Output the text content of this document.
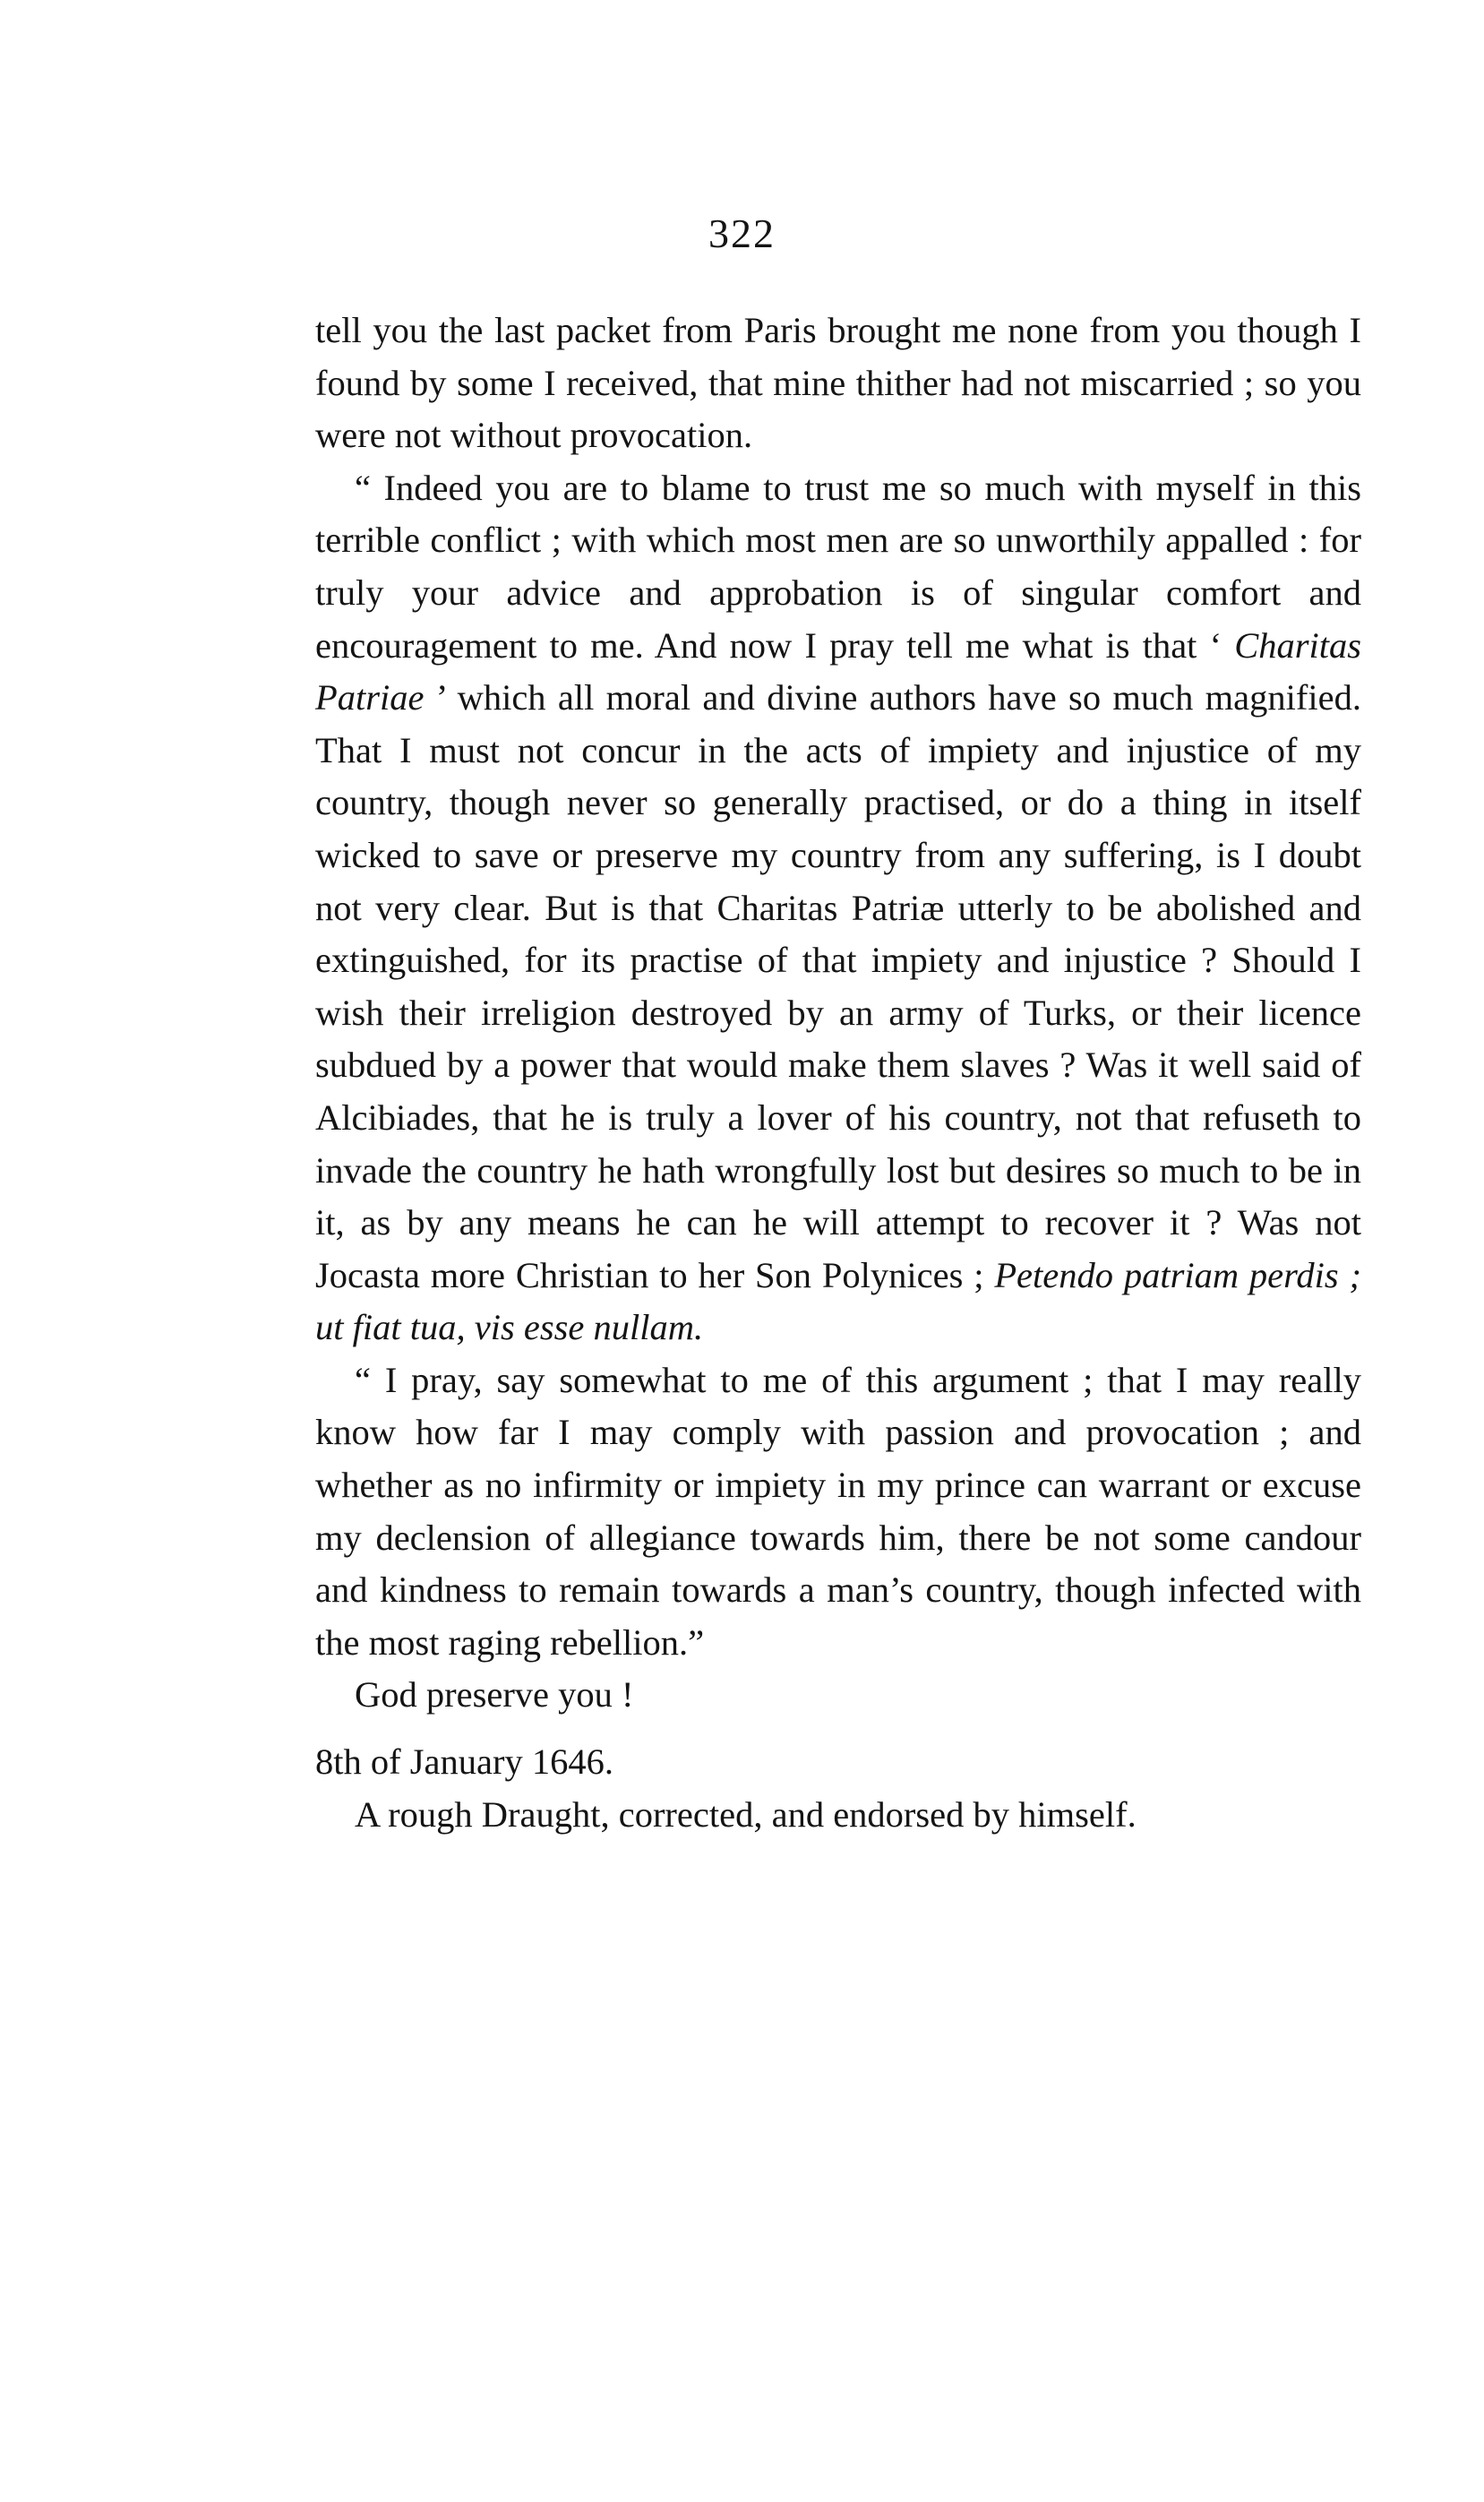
322

tell you the last packet from Paris brought me none from you though I found by some I received, that mine thither had not miscarried ; so you were not without provocation.

“ Indeed you are to blame to trust me so much with myself in this terrible conflict ; with which most men are so unworthily appalled : for truly your advice and approbation is of singular comfort and encouragement to me. And now I pray tell me what is that ‘ Charitas Patriae ’ which all moral and divine authors have so much magnified. That I must not concur in the acts of impiety and injustice of my country, though never so generally practised, or do a thing in itself wicked to save or preserve my country from any suffering, is I doubt not very clear. But is that Charitas Patriæ utterly to be abolished and extinguished, for its practise of that impiety and injustice ? Should I wish their irreligion destroyed by an army of Turks, or their licence subdued by a power that would make them slaves ? Was it well said of Alcibiades, that he is truly a lover of his country, not that refuseth to invade the country he hath wrongfully lost but desires so much to be in it, as by any means he can he will attempt to recover it ? Was not Jocasta more Christian to her Son Polynices ; Petendo patriam perdis ; ut fiat tua, vis esse nullam.

“ I pray, say somewhat to me of this argument ; that I may really know how far I may comply with passion and provocation ; and whether as no infirmity or impiety in my prince can warrant or excuse my declension of allegiance towards him, there be not some candour and kindness to remain towards a man’s country, though infected with the most raging rebellion.”

God preserve you !

8th of January 1646.

A rough Draught, corrected, and endorsed by himself.
